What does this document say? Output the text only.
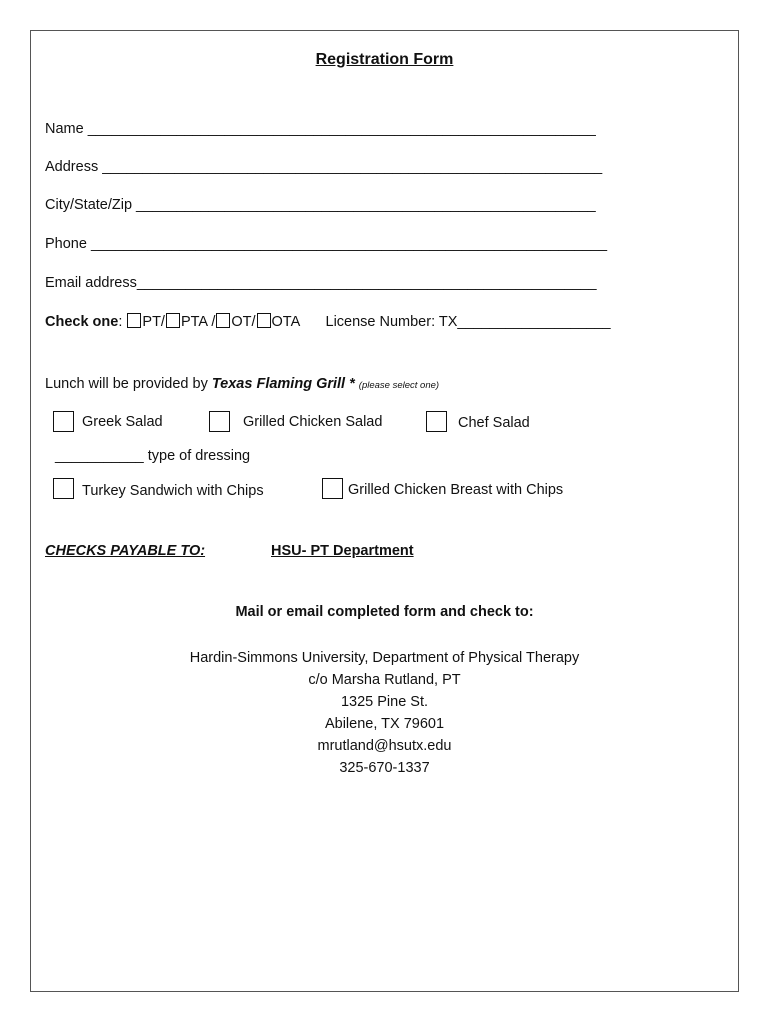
Registration Form
Name _______________________________________________________________
Address ______________________________________________________________
City/State/Zip _________________________________________________________
Phone ________________________________________________________________
Email address_________________________________________________________
Check one: PT/ PTA / OT/ OTA License Number: TX___________________
Lunch will be provided by Texas Flaming Grill * (please select one)
Greek Salad	Grilled Chicken Salad	Chef Salad
___________ type of dressing
Turkey Sandwich with Chips	Grilled Chicken Breast with Chips
CHECKS PAYABLE TO:	HSU- PT Department
Mail or email completed form and check to:
Hardin-Simmons University, Department of Physical Therapy
c/o Marsha Rutland, PT
1325 Pine St.
Abilene, TX 79601
mrutland@hsutx.edu
325-670-1337
